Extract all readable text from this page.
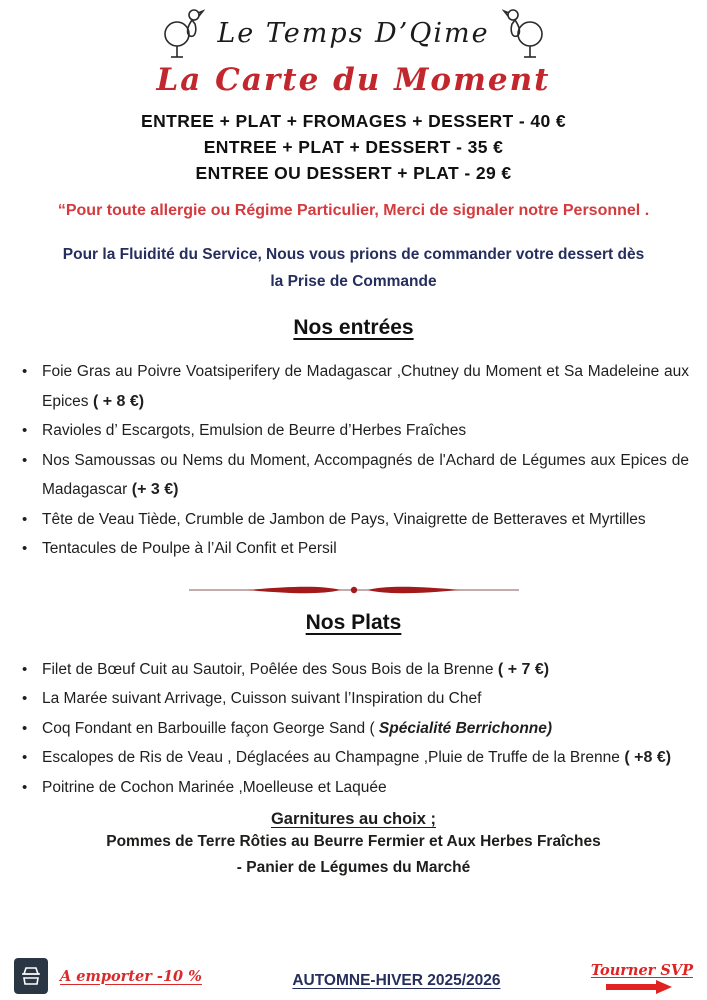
Le Temps D’Qime
La Carte du Moment
ENTREE + PLAT + FROMAGES + DESSERT - 40 €
ENTREE + PLAT + DESSERT - 35 €
ENTREE OU DESSERT + PLAT - 29 €
“Pour toute allergie ou Régime Particulier, Merci de signaler notre Personnel .
Pour la Fluidité du Service, Nous vous prions de commander votre dessert dès la Prise de Commande
Nos entrées
• Foie Gras au Poivre Voatsiperifery de Madagascar ,Chutney du Moment et Sa Madeleine aux Epices ( + 8 €)
• Ravioles d’ Escargots, Emulsion de Beurre d’Herbes Fraîches
• Nos Samoussas ou Nems du Moment, Accompagnés de l'Achard de Légumes aux Epices de Madagascar (+ 3 €)
• Tête de Veau Tiède, Crumble de Jambon de Pays, Vinaigrette de Betteraves et Myrtilles
• Tentacules de Poulpe à l’Ail Confit et Persil
Nos Plats
• Filet de Bœuf Cuit au Sautoir, Poêlée des Sous Bois de la Brenne ( + 7 €)
• La Marée suivant Arrivage, Cuisson suivant l’Inspiration du Chef
• Coq Fondant en Barbouille façon George Sand ( Spécialité Berrichonne)
• Escalopes de Ris de Veau , Déglacées au Champagne ,Pluie de Truffe de la Brenne ( +8 €)
• Poitrine de Cochon Marinée ,Moelleuse et Laquée
Garnitures au choix ;
Pommes de Terre Rôties au Beurre Fermier et Aux Herbes Fraîches
- Panier de Légumes du Marché
A emporter -10 %	AUTOMNE-HIVER 2025/2026
Tourner SVP
